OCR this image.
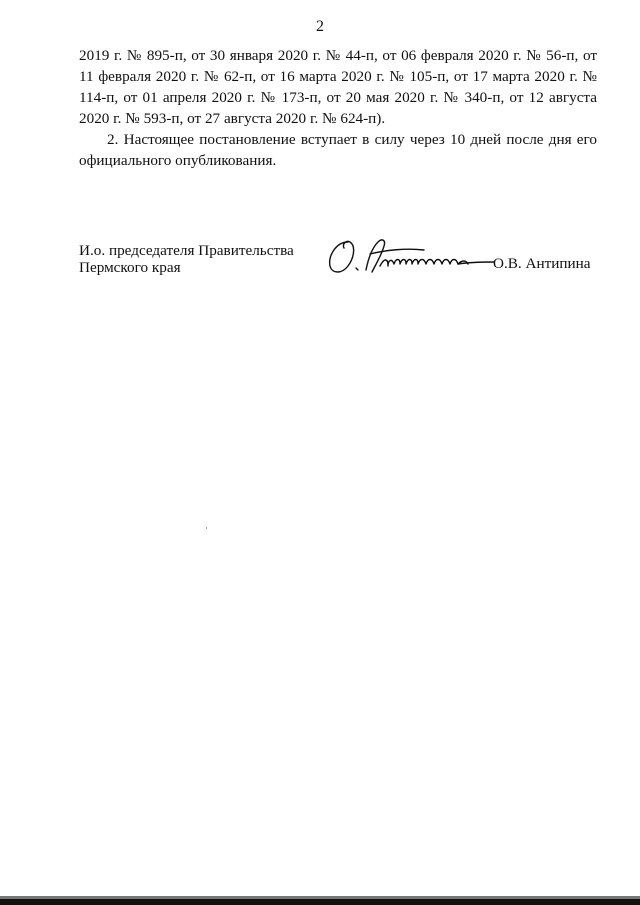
2

2019 г. № 895-п, от 30 января 2020 г. № 44-п, от 06 февраля 2020 г. № 56-п, от 11 февраля 2020 г. № 62-п, от 16 марта 2020 г. № 105-п, от 17 марта 2020 г. № 114-п, от 01 апреля 2020 г. № 173-п, от 20 мая 2020 г. № 340-п, от 12 августа 2020 г. № 593-п, от 27 августа 2020 г. № 624-п).

2. Настоящее постановление вступает в силу через 10 дней после дня его официального опубликования.

И.о. председателя Правительства
Пермского края	О.В. Антипина
